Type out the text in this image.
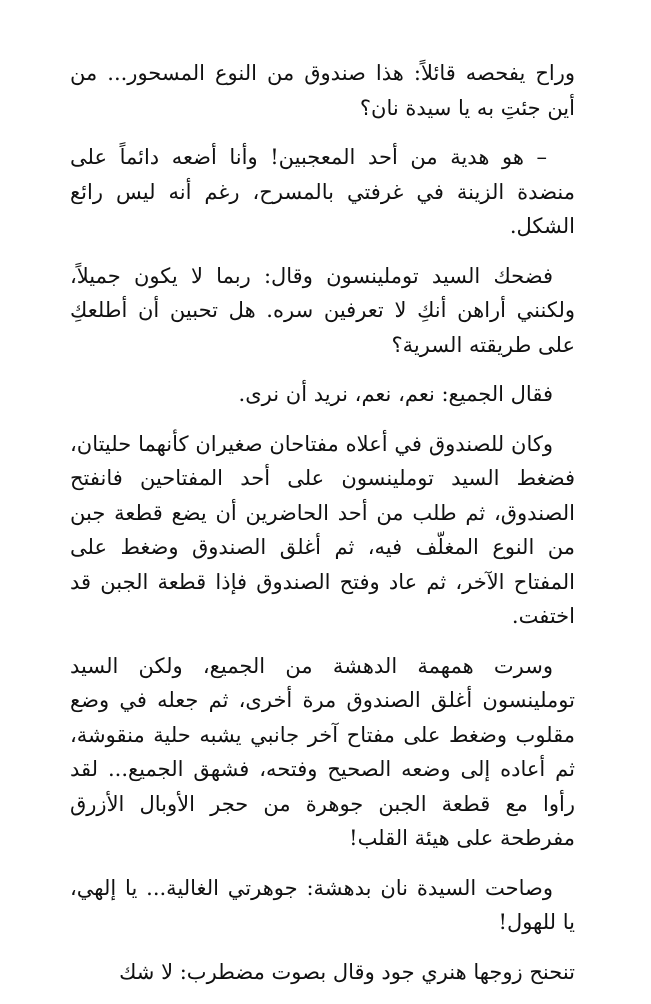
وراح يفحصه قائلاً: هذا صندوق من النوع المسحور... من أين جئتِ به يا سيدة نان؟

– هو هدية من أحد المعجبين! وأنا أضعه دائماً على منضدة الزينة في غرفتي بالمسرح، رغم أنه ليس رائع الشكل.

فضحك السيد توملينسون وقال: ربما لا يكون جميلاً، ولكنني أراهن أنكِ لا تعرفين سره. هل تحبين أن أطلعكِ على طريقته السرية؟

فقال الجميع: نعم، نعم، نريد أن نرى.

وكان للصندوق في أعلاه مفتاحان صغيران كأنهما حليتان، فضغط السيد توملينسون على أحد المفتاحين فانفتح الصندوق، ثم طلب من أحد الحاضرين أن يضع قطعة جبن من النوع المغلّف فيه، ثم أغلق الصندوق وضغط على المفتاح الآخر، ثم عاد وفتح الصندوق فإذا قطعة الجبن قد اختفت.

وسرت همهمة الدهشة من الجميع، ولكن السيد توملينسون أغلق الصندوق مرة أخرى، ثم جعله في وضع مقلوب وضغط على مفتاح آخر جانبي يشبه حلية منقوشة، ثم أعاده إلى وضعه الصحيح وفتحه، فشهق الجميع... لقد رأوا مع قطعة الجبن جوهرة من حجر الأوبال الأزرق مفرطحة على هيئة القلب!

وصاحت السيدة نان بدهشة: جوهرتي الغالية... يا إلهي، يا للهول!

تنحنح زوجها هنري جود وقال بصوت مضطرب: لا شك
